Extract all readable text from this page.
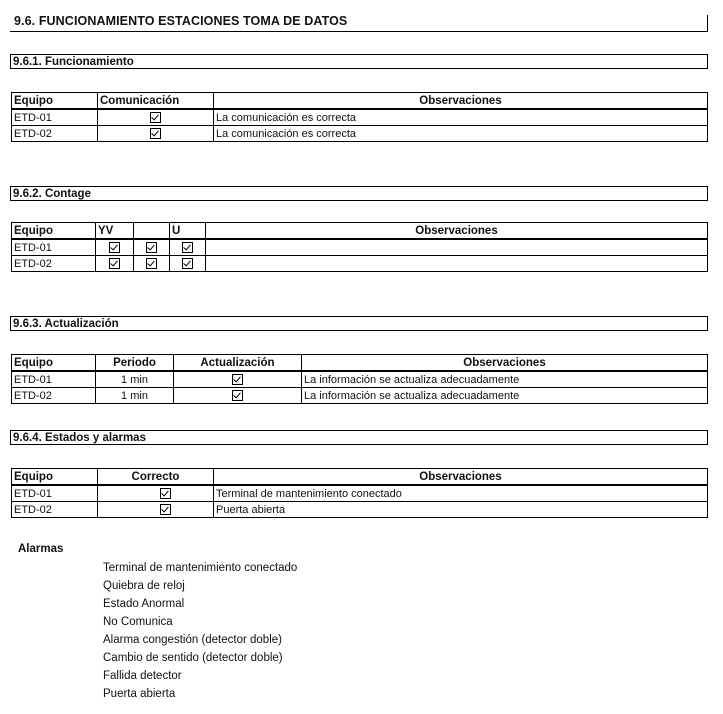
9.6. FUNCIONAMIENTO ESTACIONES TOMA DE DATOS
9.6.1. Funcionamiento
Equipo	Comunicación	Observaciones
ETD-01		La comunicación es correcta
ETD-02		La comunicación es correcta
9.6.2. Contage
Equipo	YV		U	Observaciones
ETD-01				
ETD-02				
9.6.3. Actualización
Equipo	Periodo	Actualización	Observaciones
ETD-01	1 min		La información se actualiza adecuadamente
ETD-02	1 min		La información se actualiza adecuadamente
9.6.4. Estados y alarmas
Equipo	Correcto	Observaciones
ETD-01		Terminal de mantenimiento conectado
ETD-02		Puerta abierta
Alarmas
Terminal de mantenimiento conectado
Quiebra de reloj
Estado Anormal
No Comunica
Alarma congestión (detector doble)
Cambio de sentido (detector doble)
Fallida detector
Puerta abierta
